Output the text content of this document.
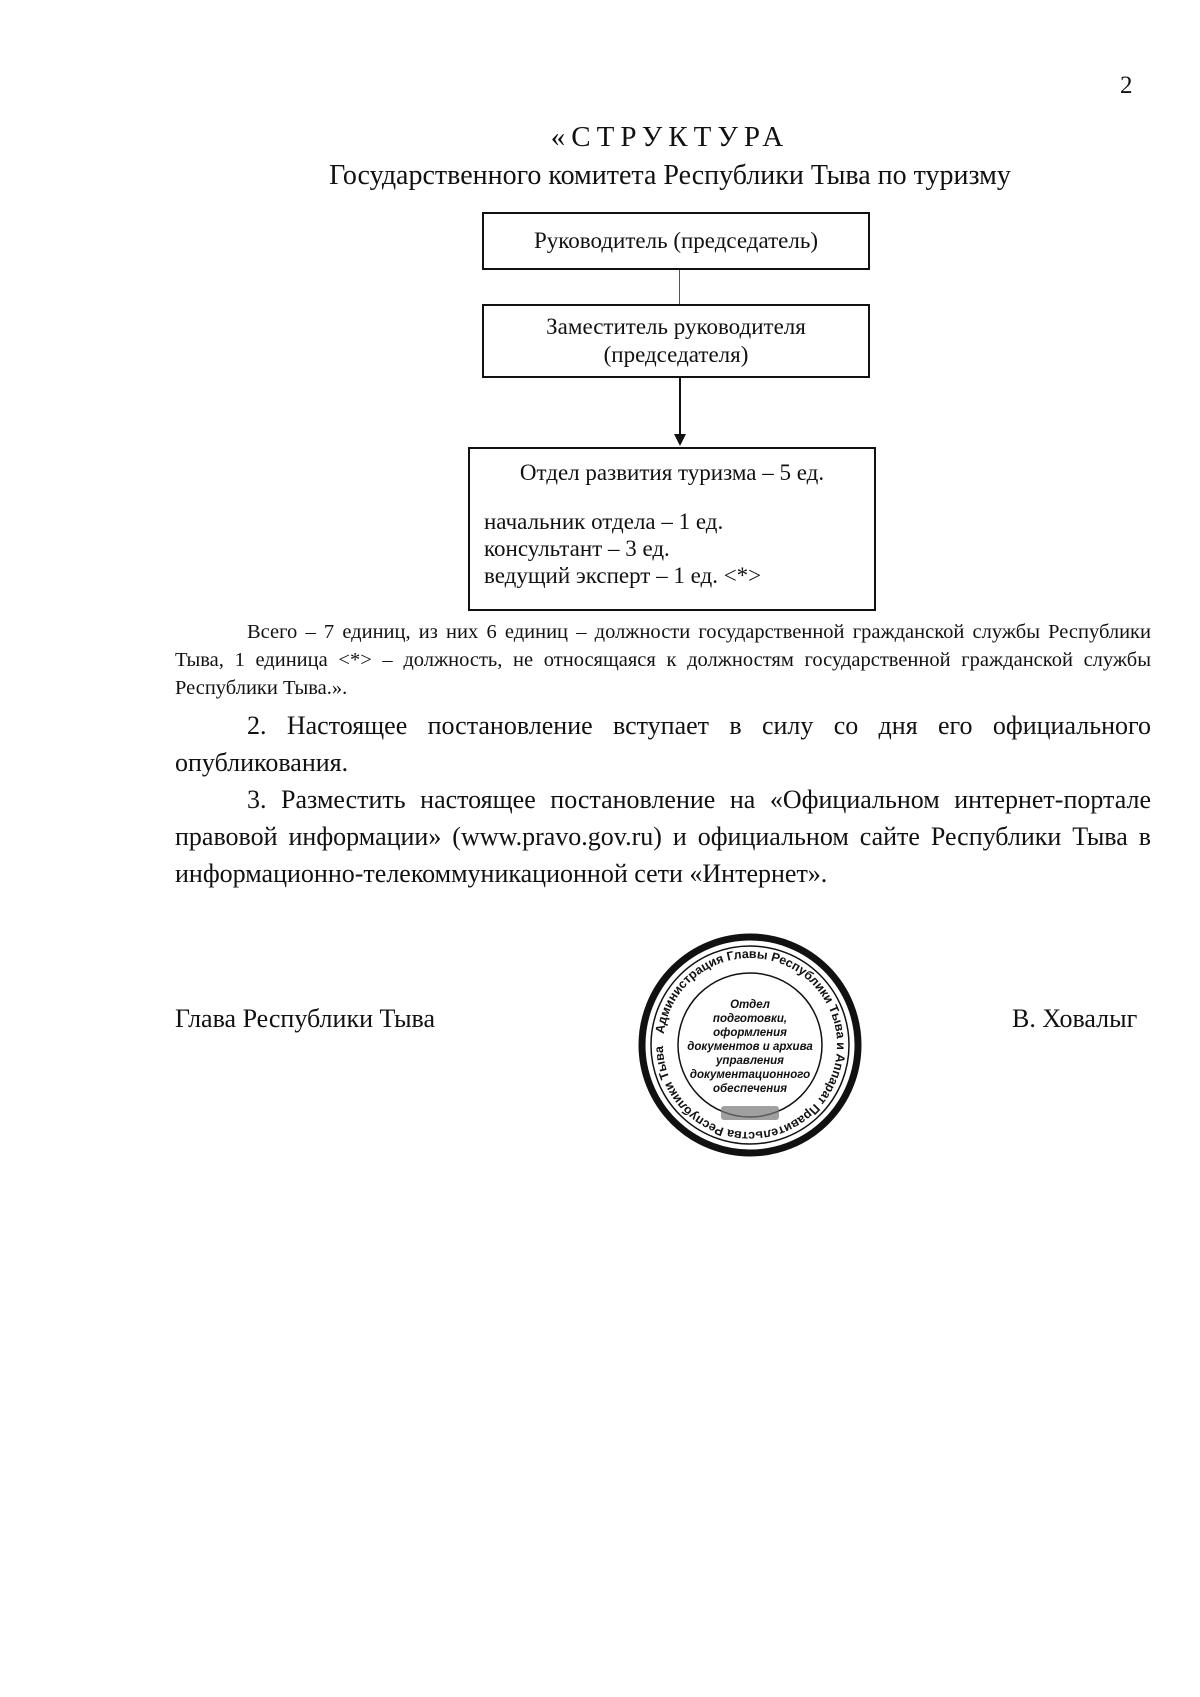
2
«СТРУКТУРА
Государственного комитета Республики Тыва по туризму
Руководитель (председатель)
Заместитель руководителя
(председателя)
Отдел развития туризма – 5 ед.
начальник отдела – 1 ед.
консультант – 3 ед.
ведущий эксперт – 1 ед. <*>

Всего – 7 единиц, из них 6 единиц – должности государственной гражданской службы Республики Тыва, 1 единица <*> – должность, не относящаяся к должностям государственной гражданской службы Республики Тыва.».

2. Настоящее постановление вступает в силу со дня его официального опубликования.

3. Разместить настоящее постановление на «Официальном интернет-портале правовой информации» (www.pravo.gov.ru) и официальном сайте Республики Тыва в информационно-телекоммуникационной сети «Интернет».

Глава Республики Тыва	В. Ховалыг
Администрация Главы Республики Тыва и Аппарат Правительства Республики Тыва
Отдел
подготовки,
оформления
документов и архива
управления
документационного
обеспечения
